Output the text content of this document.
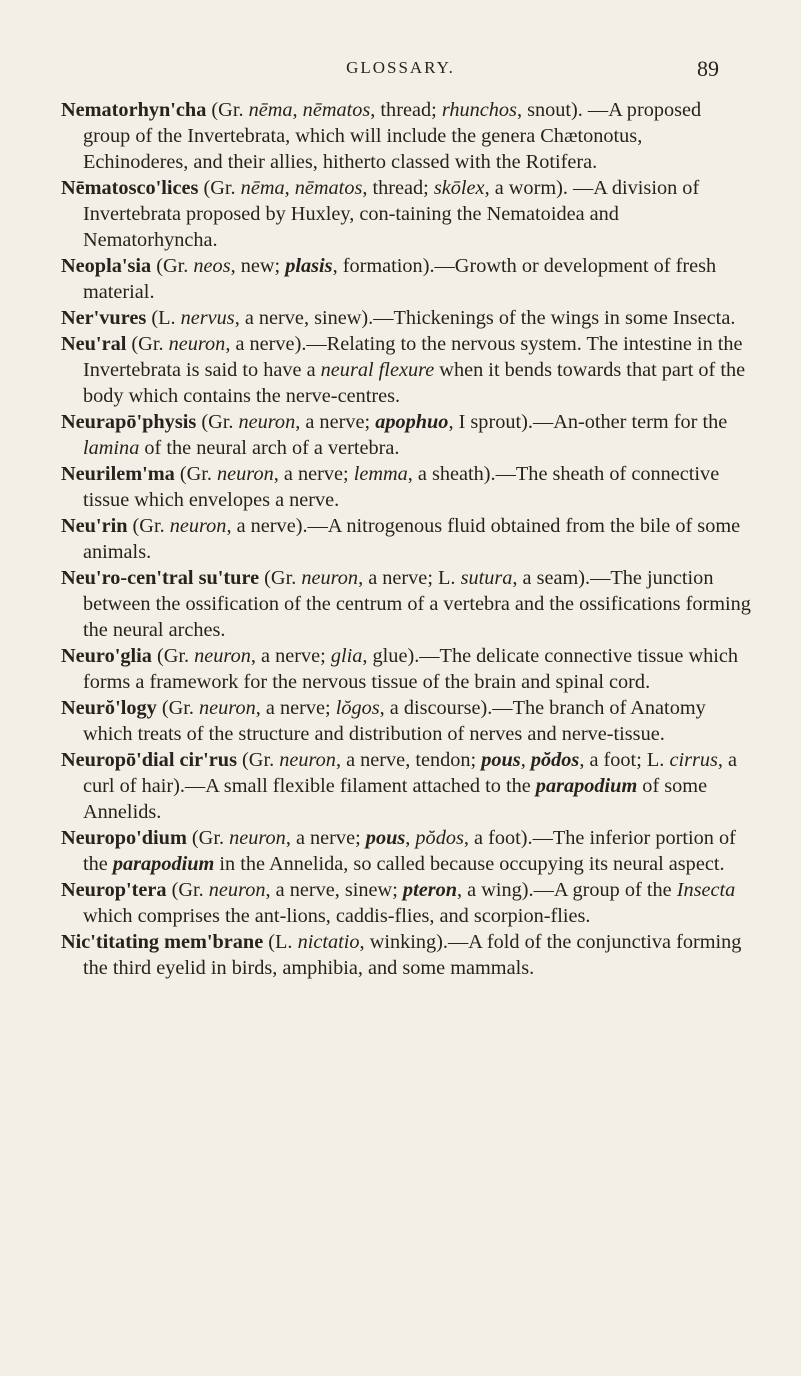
GLOSSARY.	89

Nematorhyn'cha (Gr. nēma, nēmatos, thread; rhunchos, snout). —A proposed group of the Invertebrata, which will include the genera Chætonotus, Echinoderes, and their allies, hitherto classed with the Rotifera.

Nēmatosco'lices (Gr. nēma, nēmatos, thread; skōlex, a worm). —A division of Invertebrata proposed by Huxley, con-taining the Nematoidea and Nematorhyncha.

Neopla'sia (Gr. neos, new; plasis, formation).—Growth or development of fresh material.

Ner'vures (L. nervus, a nerve, sinew).—Thickenings of the wings in some Insecta.

Neu'ral (Gr. neuron, a nerve).—Relating to the nervous system. The intestine in the Invertebrata is said to have a neural flexure when it bends towards that part of the body which contains the nerve-centres.

Neurapō'physis (Gr. neuron, a nerve; apophuo, I sprout).—An-other term for the lamina of the neural arch of a vertebra.

Neurilem'ma (Gr. neuron, a nerve; lemma, a sheath).—The sheath of connective tissue which envelopes a nerve.

Neu'rin (Gr. neuron, a nerve).—A nitrogenous fluid obtained from the bile of some animals.

Neu'ro-cen'tral su'ture (Gr. neuron, a nerve; L. sutura, a seam).—The junction between the ossification of the centrum of a vertebra and the ossifications forming the neural arches.

Neuro'glia (Gr. neuron, a nerve; glia, glue).—The delicate connective tissue which forms a framework for the nervous tissue of the brain and spinal cord.

Neurŏ'logy (Gr. neuron, a nerve; lŏgos, a discourse).—The branch of Anatomy which treats of the structure and distribution of nerves and nerve-tissue.

Neuropō'dial cir'rus (Gr. neuron, a nerve, tendon; pous, pŏdos, a foot; L. cirrus, a curl of hair).—A small flexible filament attached to the parapodium of some Annelids.

Neuropo'dium (Gr. neuron, a nerve; pous, pŏdos, a foot).—The inferior portion of the parapodium in the Annelida, so called because occupying its neural aspect.

Neurop'tera (Gr. neuron, a nerve, sinew; pteron, a wing).—A group of the Insecta which comprises the ant-lions, caddis-flies, and scorpion-flies.

Nic'titating mem'brane (L. nictatio, winking).—A fold of the conjunctiva forming the third eyelid in birds, amphibia, and some mammals.
